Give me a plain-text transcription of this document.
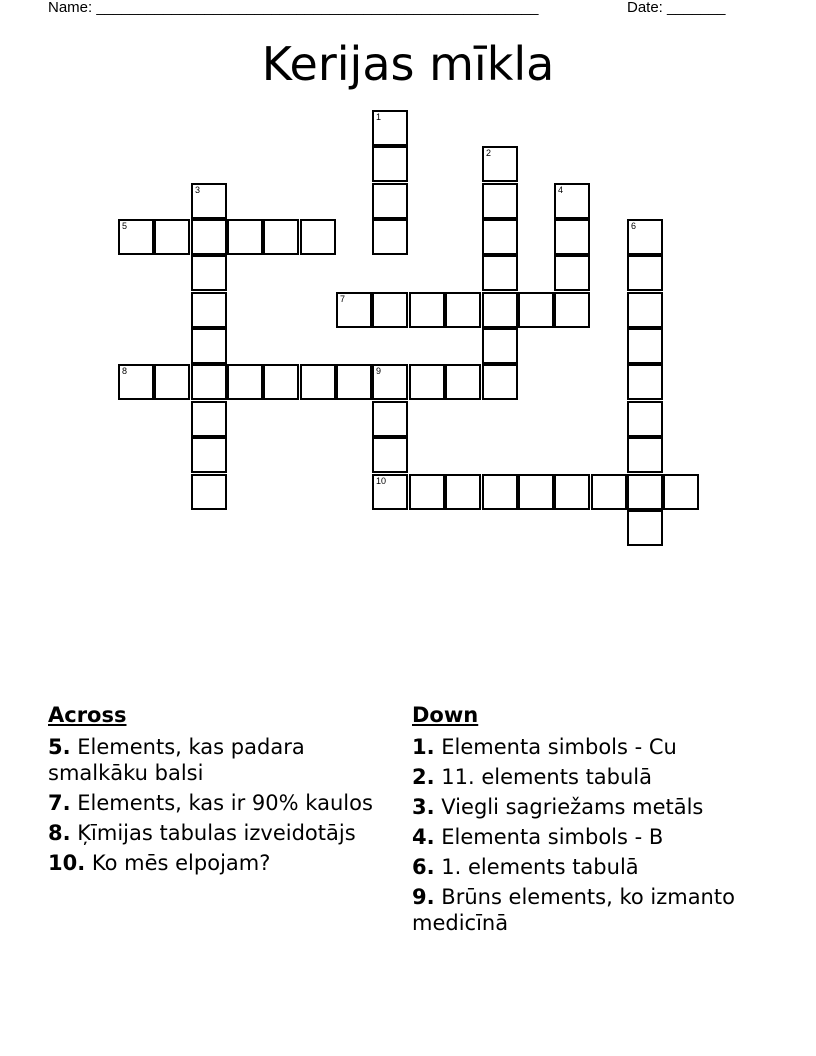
Name: _____________________________________________________	Date: _______
Kerijas mīkla
1
2
3	4
5	6
7
8	9
10
Across
5. Elements, kas padara smalkāku balsi
7. Elements, kas ir 90% kaulos
8. Ķīmijas tabulas izveidotājs
10. Ko mēs elpojam?
Down
1. Elementa simbols - Cu
2. 11. elements tabulā
3. Viegli sagriežams metāls
4. Elementa simbols - B
6. 1. elements tabulā
9. Brūns elements, ko izmanto medicīnā
